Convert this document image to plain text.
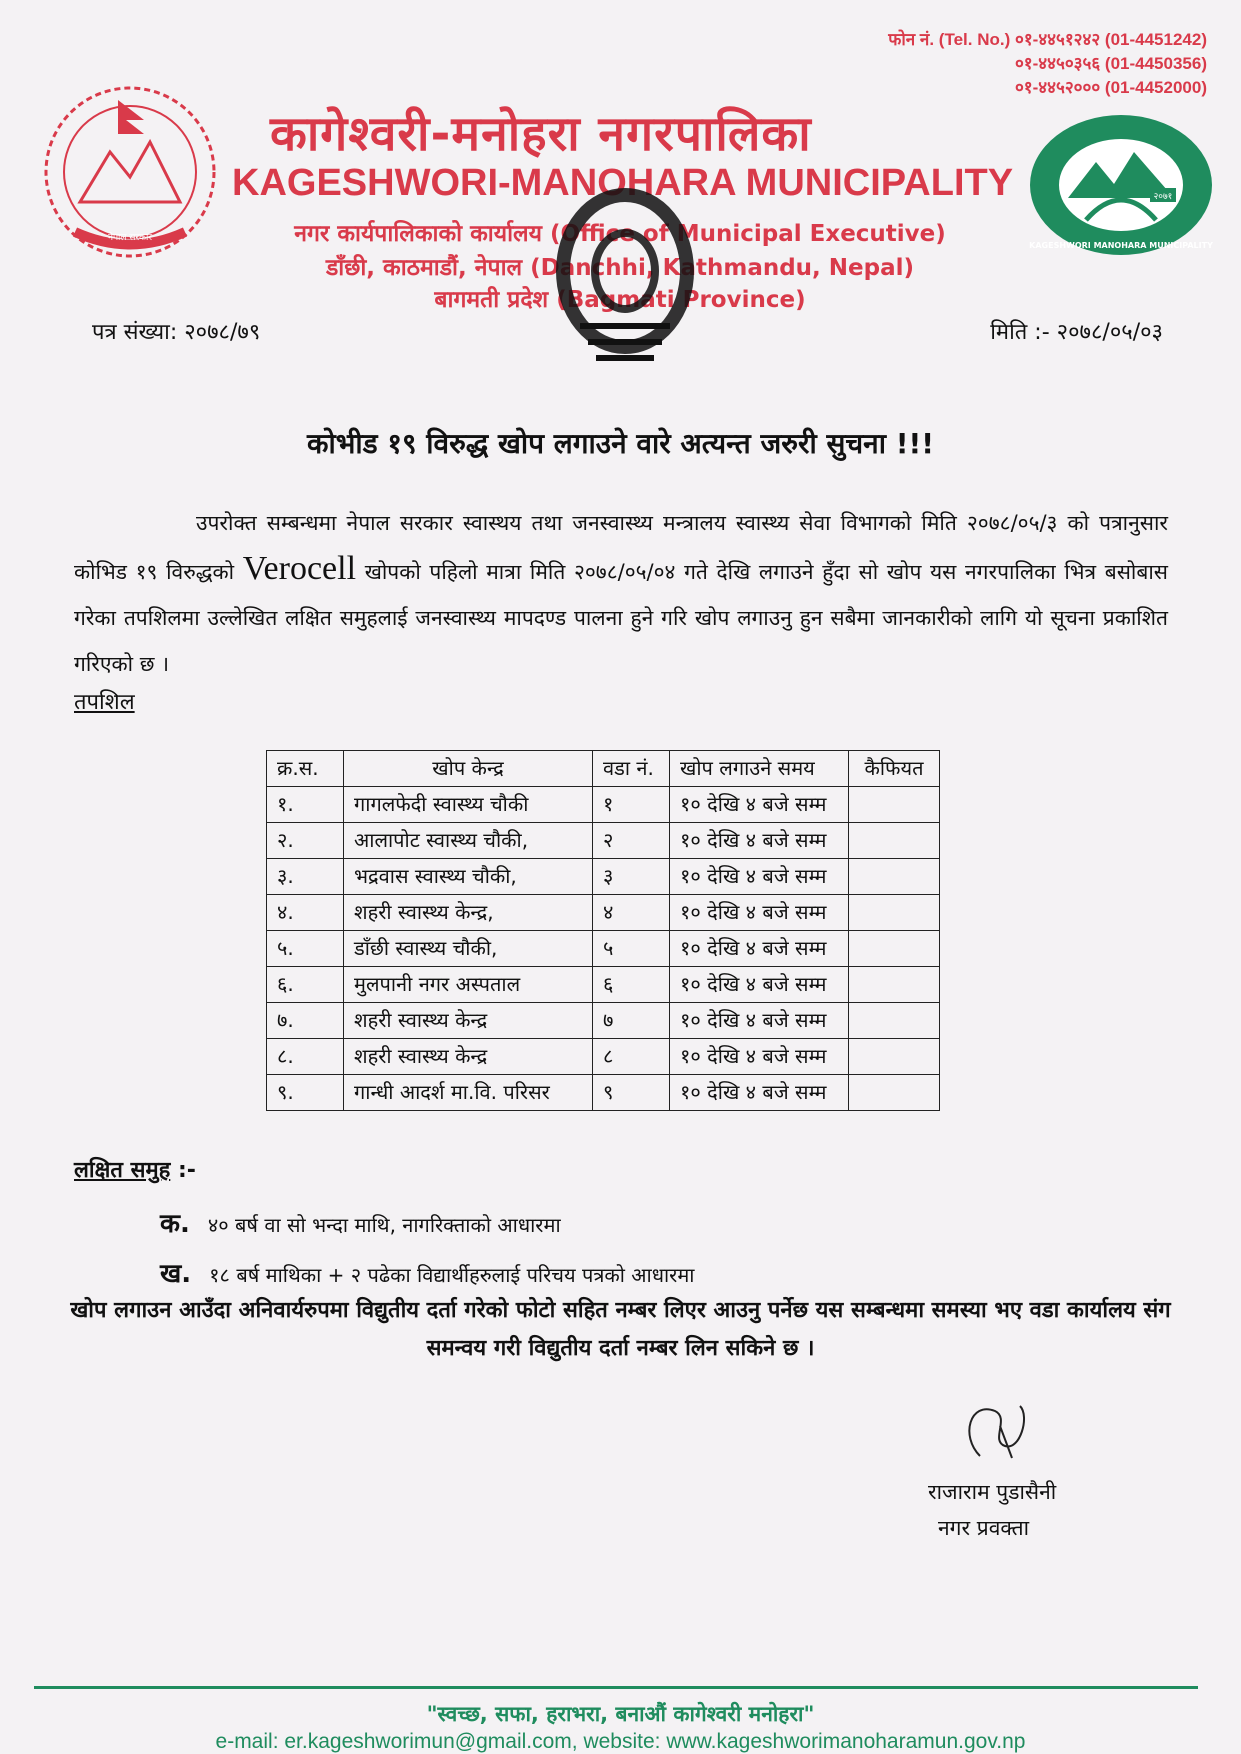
फोन नं. (Tel. No.) ०१-४४५१२४२ (01-4451242)
०१-४४५०३५६ (01-4450356)
०१-४४५२००० (01-4452000)
नेपाल सरकार
२०७१
KAGESHWORI MANOHARA MUNICIPALITY
कागेश्वरी-मनोहरा नगरपालिका
KAGESHWORI-MANOHARA MUNICIPALITY
नगर कार्यपालिकाको कार्यालय (Office of Municipal Executive)
डाँछी, काठमाडौं, नेपाल (Danchhi, Kathmandu, Nepal)
बागमती प्रदेश (Bagmati Province)
पत्र संख्या: २०७८/७९	मिति :- २०७८/०५/०३
कोभीड १९ विरुद्ध खोप लगाउने वारे अत्यन्त जरुरी सुचना !!!
उपरोक्त सम्बन्धमा नेपाल सरकार स्वास्थय तथा जनस्वास्थ्य मन्त्रालय स्वास्थ्य सेवा विभागको मिति २०७८/०५/३ को पत्रानुसार कोभिड १९ विरुद्धको Verocell खोपको पहिलो मात्रा मिति २०७८/०५/०४ गते देखि लगाउने हुँदा सो खोप यस नगरपालिका भित्र बसोबास गरेका तपशिलमा उल्लेखित लक्षित समुहलाई जनस्वास्थ्य मापदण्ड पालना हुने गरि खोप लगाउनु हुन सबैमा जानकारीको लागि यो सूचना प्रकाशित गरिएको छ ।
तपशिल
क्र.स.	खोप केन्द्र	वडा नं.	खोप लगाउने समय	कैफियत
१.	गागलफेदी स्वास्थ्य चौकी	१	१० देखि ४ बजे सम्म	
२.	आलापोट स्वास्थ्य चौकी,	२	१० देखि ४ बजे सम्म	
३.	भद्रवास स्वास्थ्य चौकी,	३	१० देखि ४ बजे सम्म	
४.	शहरी स्वास्थ्य केन्द्र,	४	१० देखि ४ बजे सम्म	
५.	डाँछी स्वास्थ्य चौकी,	५	१० देखि ४ बजे सम्म	
६.	मुलपानी नगर अस्पताल	६	१० देखि ४ बजे सम्म	
७.	शहरी स्वास्थ्य केन्द्र	७	१० देखि ४ बजे सम्म	
८.	शहरी स्वास्थ्य केन्द्र	८	१० देखि ४ बजे सम्म	
९.	गान्धी आदर्श मा.वि. परिसर	९	१० देखि ४ बजे सम्म	
लक्षित समुह :-
क. ४० बर्ष वा सो भन्दा माथि, नागरिक्ताको आधारमा
ख. १८ बर्ष माथिका + २ पढेका विद्यार्थीहरुलाई परिचय पत्रको आधारमा
खोप लगाउन आउँदा अनिवार्यरुपमा विद्युतीय दर्ता गरेको फोटो सहित नम्बर लिएर आउनु पर्नेछ यस सम्बन्धमा समस्या भए वडा कार्यालय संग समन्वय गरी विद्युतीय दर्ता नम्बर लिन सकिने छ ।
राजाराम पुडासैनी
नगर प्रवक्ता
"स्वच्छ, सफा, हराभरा, बनाऔं कागेश्वरी मनोहरा"
e-mail: er.kageshworimun@gmail.com, website: www.kageshworimanoharamun.gov.np
